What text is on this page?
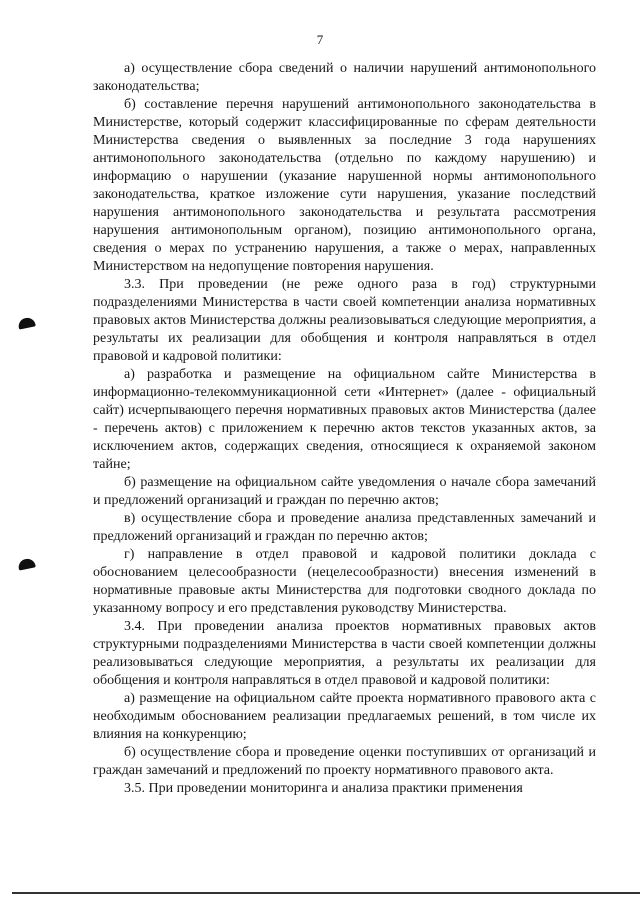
7

а) осуществление сбора сведений о наличии нарушений антимонопольного законодательства;

б) составление перечня нарушений антимонопольного законодательства в Министерстве, который содержит классифицированные по сферам деятельности Министерства сведения о выявленных за последние 3 года нарушениях антимонопольного законодательства (отдельно по каждому нарушению) и информацию о нарушении (указание нарушенной нормы антимонопольного законодательства, краткое изложение сути нарушения, указание последствий нарушения антимонопольного законодательства и результата рассмотрения нарушения антимонопольным органом), позицию антимонопольного органа, сведения о мерах по устранению нарушения, а также о мерах, направленных Министерством на недопущение повторения нарушения.

3.3. При проведении (не реже одного раза в год) структурными подразделениями Министерства в части своей компетенции анализа нормативных правовых актов Министерства должны реализовываться следующие мероприятия, а результаты их реализации для обобщения и контроля направляться в отдел правовой и кадровой политики:

а) разработка и размещение на официальном сайте Министерства в информационно-телекоммуникационной сети «Интернет» (далее - официальный сайт) исчерпывающего перечня нормативных правовых актов Министерства (далее - перечень актов) с приложением к перечню актов текстов указанных актов, за исключением актов, содержащих сведения, относящиеся к охраняемой законом тайне;

б) размещение на официальном сайте уведомления о начале сбора замечаний и предложений организаций и граждан по перечню актов;

в) осуществление сбора и проведение анализа представленных замечаний и предложений организаций и граждан по перечню актов;

г) направление в отдел правовой и кадровой политики доклада с обоснованием целесообразности (нецелесообразности) внесения изменений в нормативные правовые акты Министерства для подготовки сводного доклада по указанному вопросу и его представления руководству Министерства.

3.4. При проведении анализа проектов нормативных правовых актов структурными подразделениями Министерства в части своей компетенции должны реализовываться следующие мероприятия, а результаты их реализации для обобщения и контроля направляться в отдел правовой и кадровой политики:

а) размещение на официальном сайте проекта нормативного правового акта с необходимым обоснованием реализации предлагаемых решений, в том числе их влияния на конкуренцию;

б) осуществление сбора и проведение оценки поступивших от организаций и граждан замечаний и предложений по проекту нормативного правового акта.

3.5. При проведении мониторинга и анализа практики применения
